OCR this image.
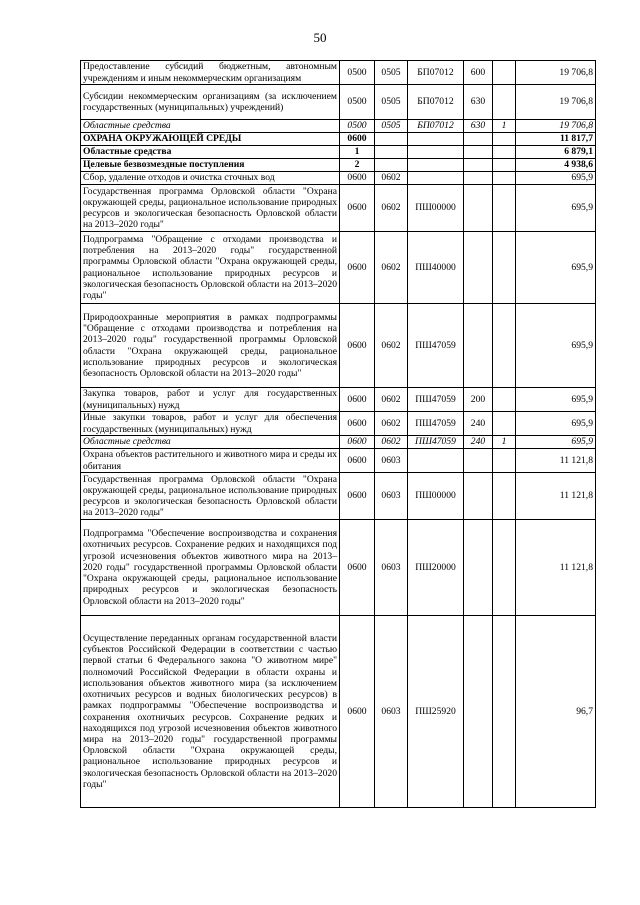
50
Предоставление субсидий бюджетным, автономным учреждениям и иным некоммерческим организациям	0500	0505	БП07012	600		19 706,8
Субсидии некоммерческим организациям (за исключением государственных (муниципальных) учреждений)	0500	0505	БП07012	630		19 706,8
Областные средства	0500	0505	БП07012	630	1	19 706,8
ОХРАНА ОКРУЖАЮЩЕЙ СРЕДЫ	0600					11 817,7
Областные средства	1					6 879,1
Целевые безвозмездные поступления	2					4 938,6
Сбор, удаление отходов и очистка сточных вод	0600	0602				695,9
Государственная программа Орловской области "Охрана окружающей среды, рациональное использование природных ресурсов и экологическая безопасность Орловской области на 2013–2020 годы"	0600	0602	ПШ00000			695,9
Подпрограмма "Обращение с отходами производства и потребления на 2013–2020 годы" государственной программы Орловской области "Охрана окружающей среды, рациональное использование природных ресурсов и экологическая безопасность Орловской области на 2013–2020 годы"	0600	0602	ПШ40000			695,9
Природоохранные мероприятия в рамках подпрограммы "Обращение с отходами производства и потребления на 2013–2020 годы" государственной программы Орловской области "Охрана окружающей среды, рациональное использование природных ресурсов и экологическая безопасность Орловской области на 2013–2020 годы"	0600	0602	ПШ47059			695,9
Закупка товаров, работ и услуг для государственных (муниципальных) нужд	0600	0602	ПШ47059	200		695,9
Иные закупки товаров, работ и услуг для обеспечения государственных (муниципальных) нужд	0600	0602	ПШ47059	240		695,9
Областные средства	0600	0602	ПШ47059	240	1	695,9
Охрана объектов растительного и животного мира и среды их обитания	0600	0603				11 121,8
Государственная программа Орловской области "Охрана окружающей среды, рациональное использование природных ресурсов и экологическая безопасность Орловской области на 2013–2020 годы"	0600	0603	ПШ00000			11 121,8
Подпрограмма "Обеспечение воспроизводства и сохранения охотничьих ресурсов. Сохранение редких и находящихся под угрозой исчезновения объектов животного мира на 2013–2020 годы" государственной программы Орловской области "Охрана окружающей среды, рациональное использование природных ресурсов и экологическая безопасность Орловской области на 2013–2020 годы"	0600	0603	ПШ20000			11 121,8
Осуществление переданных органам государственной власти субъектов Российской Федерации в соответствии с частью первой статьи 6 Федерального закона "О животном мире" полномочий Российской Федерации в области охраны и использования объектов животного мира (за исключением охотничьих ресурсов и водных биологических ресурсов) в рамках подпрограммы "Обеспечение воспроизводства и сохранения охотничьих ресурсов. Сохранение редких и находящихся под угрозой исчезновения объектов животного мира на 2013–2020 годы" государственной программы Орловской области "Охрана окружающей среды, рациональное использование природных ресурсов и экологическая безопасность Орловской области на 2013–2020 годы"	0600	0603	ПШ25920			96,7
